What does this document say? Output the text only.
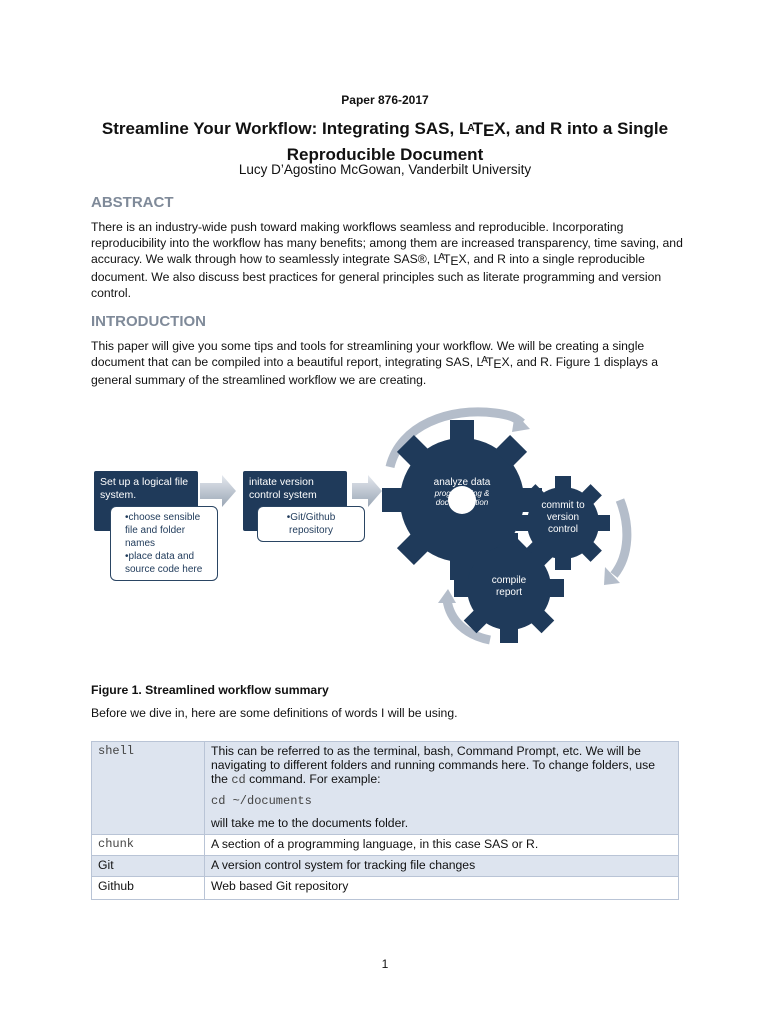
Paper 876-2017
Streamline Your Workflow: Integrating SAS, LATEX, and R into a Single
Reproducible Document
Lucy D’Agostino McGowan, Vanderbilt University
ABSTRACT
There is an industry-wide push toward making workflows seamless and reproducible. Incorporating reproducibility into the workflow has many benefits; among them are increased transparency, time saving, and accuracy. We walk through how to seamlessly integrate SAS®, $L^ATEX$, and R into a single reproducible document. We also discuss best practices for general principles such as literate programming and version control.
INTRODUCTION
This paper will give you some tips and tools for streamlining your workflow. We will be creating a single document that can be compiled into a beautiful report, integrating SAS, $L^ATEX$, and R. Figure 1 displays a general summary of the streamlined workflow we are creating.
Set up a logical file system.
•choose sensible file and folder names
•place data and source code here
initate version control system
•Git/Github repository
analyze data
programming & documentation	commit to version control
compile report
Figure 1. Streamlined workflow summary
Before we dive in, here are some definitions of words I will be using.
shell	This can be referred to as the terminal, bash, Command Prompt, etc. We will be navigating to different folders and running commands here. To change folders, use the cd command. For example:
cd ~/documents
will take me to the documents folder.

chunk	A section of a programming language, in this case SAS or R.
Git	A version control system for tracking file changes
Github	Web based Git repository
1
